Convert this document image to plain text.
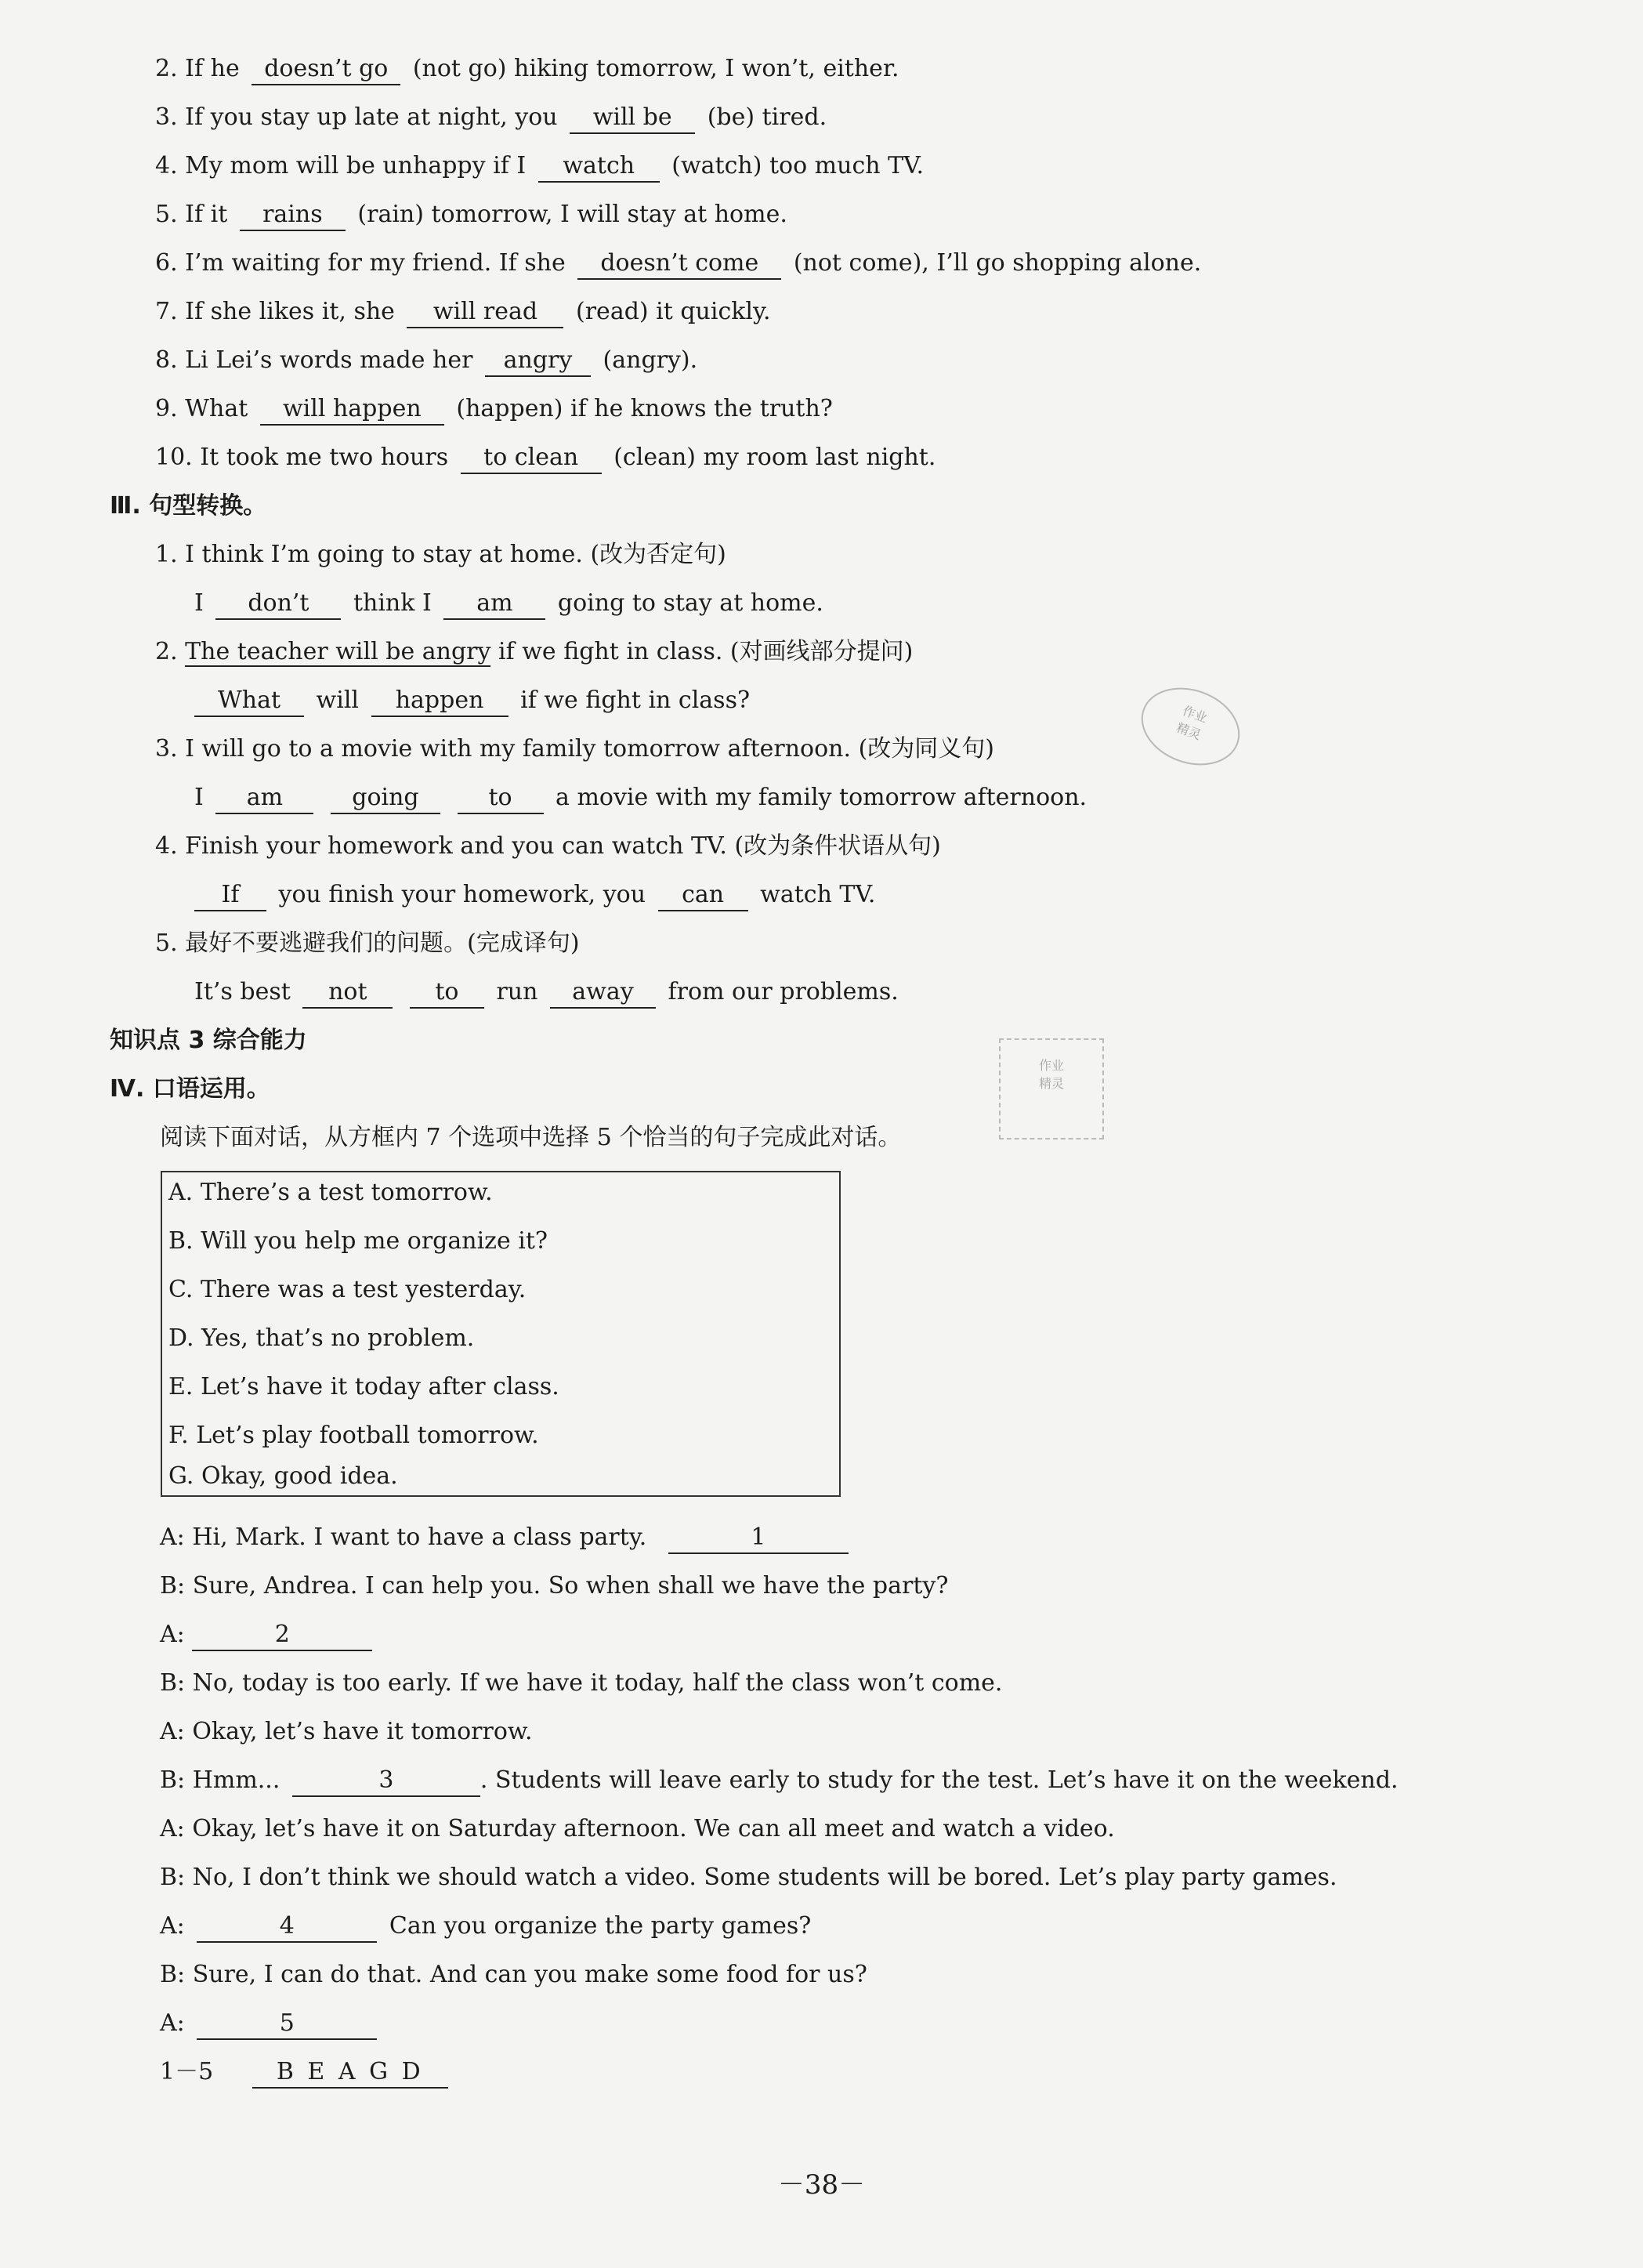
2. If he doesn’t go (not go) hiking tomorrow, I won’t, either.
3. If you stay up late at night, you will be (be) tired.
4. My mom will be unhappy if I watch (watch) too much TV.
5. If it rains (rain) tomorrow, I will stay at home.
6. I’m waiting for my friend. If she doesn’t come (not come), I’ll go shopping alone.
7. If she likes it, she will read (read) it quickly.
8. Li Lei’s words made her angry (angry).
9. What will happen (happen) if he knows the truth?
10. It took me two hours to clean (clean) my room last night.
Ⅲ. 句型转换。
1. I think I’m going to stay at home. (改为否定句)
I don’t think I am going to stay at home.
2. The teacher will be angry if we fight in class. (对画线部分提问)
What will happen if we fight in class?
3. I will go to a movie with my family tomorrow afternoon. (改为同义句)
I am	going	to a movie with my family tomorrow afternoon.
4. Finish your homework and you can watch TV. (改为条件状语从句)
If you finish your homework, you can watch TV.
5. 最好不要逃避我们的问题。(完成译句)
It’s best not	to run away from our problems.
知识点 3 综合能力
Ⅳ. 口语运用。
阅读下面对话，从方框内 7 个选项中选择 5 个恰当的句子完成此对话。
A. There’s a test tomorrow.
B. Will you help me organize it?
C. There was a test yesterday.
D. Yes, that’s no problem.
E. Let’s have it today after class.
F. Let’s play football tomorrow.
G. Okay, good idea.
A: Hi, Mark. I want to have a class party.	1
B: Sure, Andrea. I can help you. So when shall we have the party?
A:	2
B: No, today is too early. If we have it today, half the class won’t come.
A: Okay, let’s have it tomorrow.
B: Hmm...	3	. Students will leave early to study for the test. Let’s have it on the weekend.
A: Okay, let’s have it on Saturday afternoon. We can all meet and watch a video.
B: No, I don’t think we should watch a video. Some students will be bored. Let’s play party games.
A:	4	Can you organize the party games?
B: Sure, I can do that. And can you make some food for us?
A:	5
1－5	B E A G D
作业
精灵
作业
精灵
－38－
